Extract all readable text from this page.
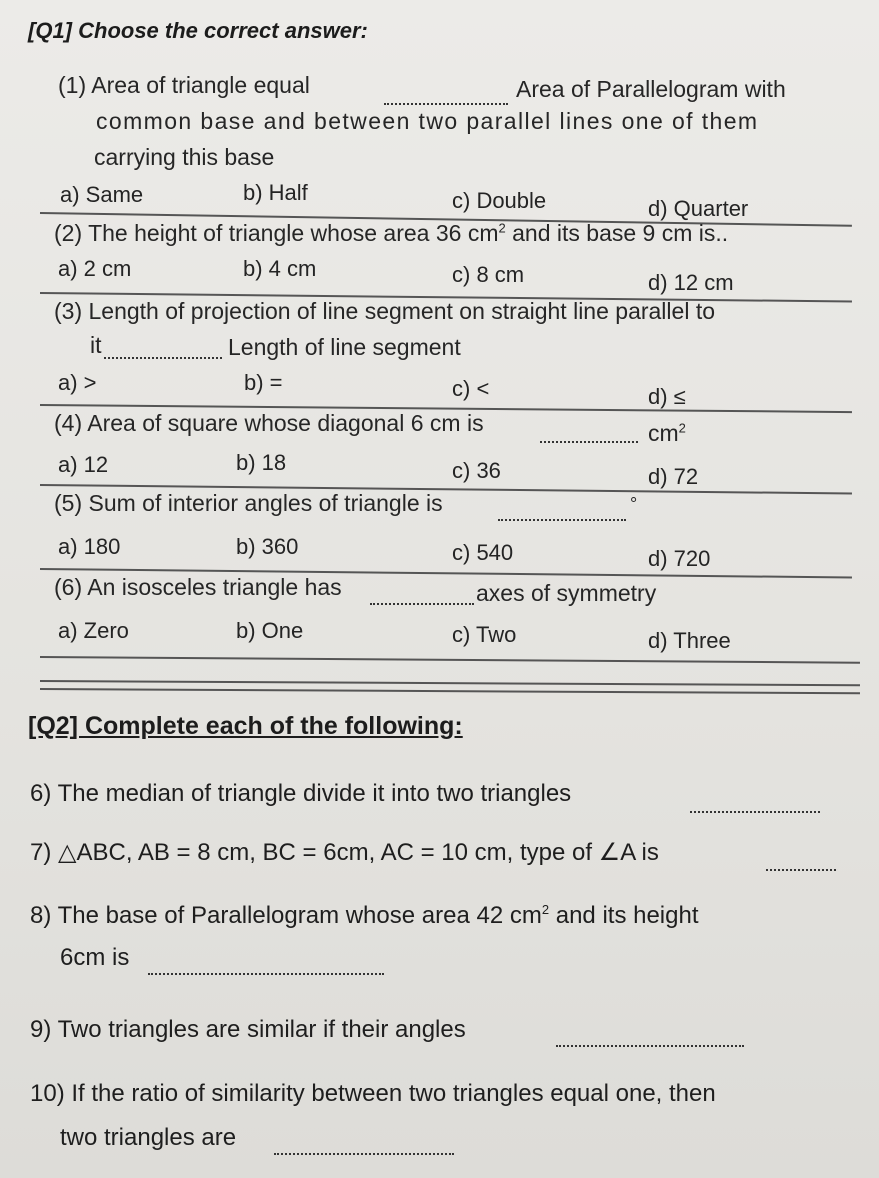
[Q1] Choose the correct answer:
(1) Area of triangle equal	Area of Parallelogram with
common base and between two parallel lines one of them
carrying this base
a) Same	b) Half	c) Double	d) Quarter
(2) The height of triangle whose area 36 $cm^2$ and its base 9 cm is..
a) 2 cm	b) 4 cm	c) 8 cm	d) 12 cm
(3) Length of projection of line segment on straight line parallel to
it	Length of line segment
a) >	b) =	c) <	d) ≤
(4) Area of square whose diagonal 6 cm is	$cm^2$
a) 12	b) 18	c) 36	d) 72
(5) Sum of interior angles of triangle is	°
a) 180	b) 360	c) 540	d) 720
(6) An isosceles triangle has	axes of symmetry
a) Zero	b) One	c) Two	d) Three
[Q2] Complete each of the following:
6) The median of triangle divide it into two triangles
7) △ABC, AB = 8 cm, BC = 6cm, AC = 10 cm, type of ∠A is
8) The base of Parallelogram whose area 42 $cm^2$ and its height
6cm is
9) Two triangles are similar if their angles
10) If the ratio of similarity between two triangles equal one, then
two triangles are
